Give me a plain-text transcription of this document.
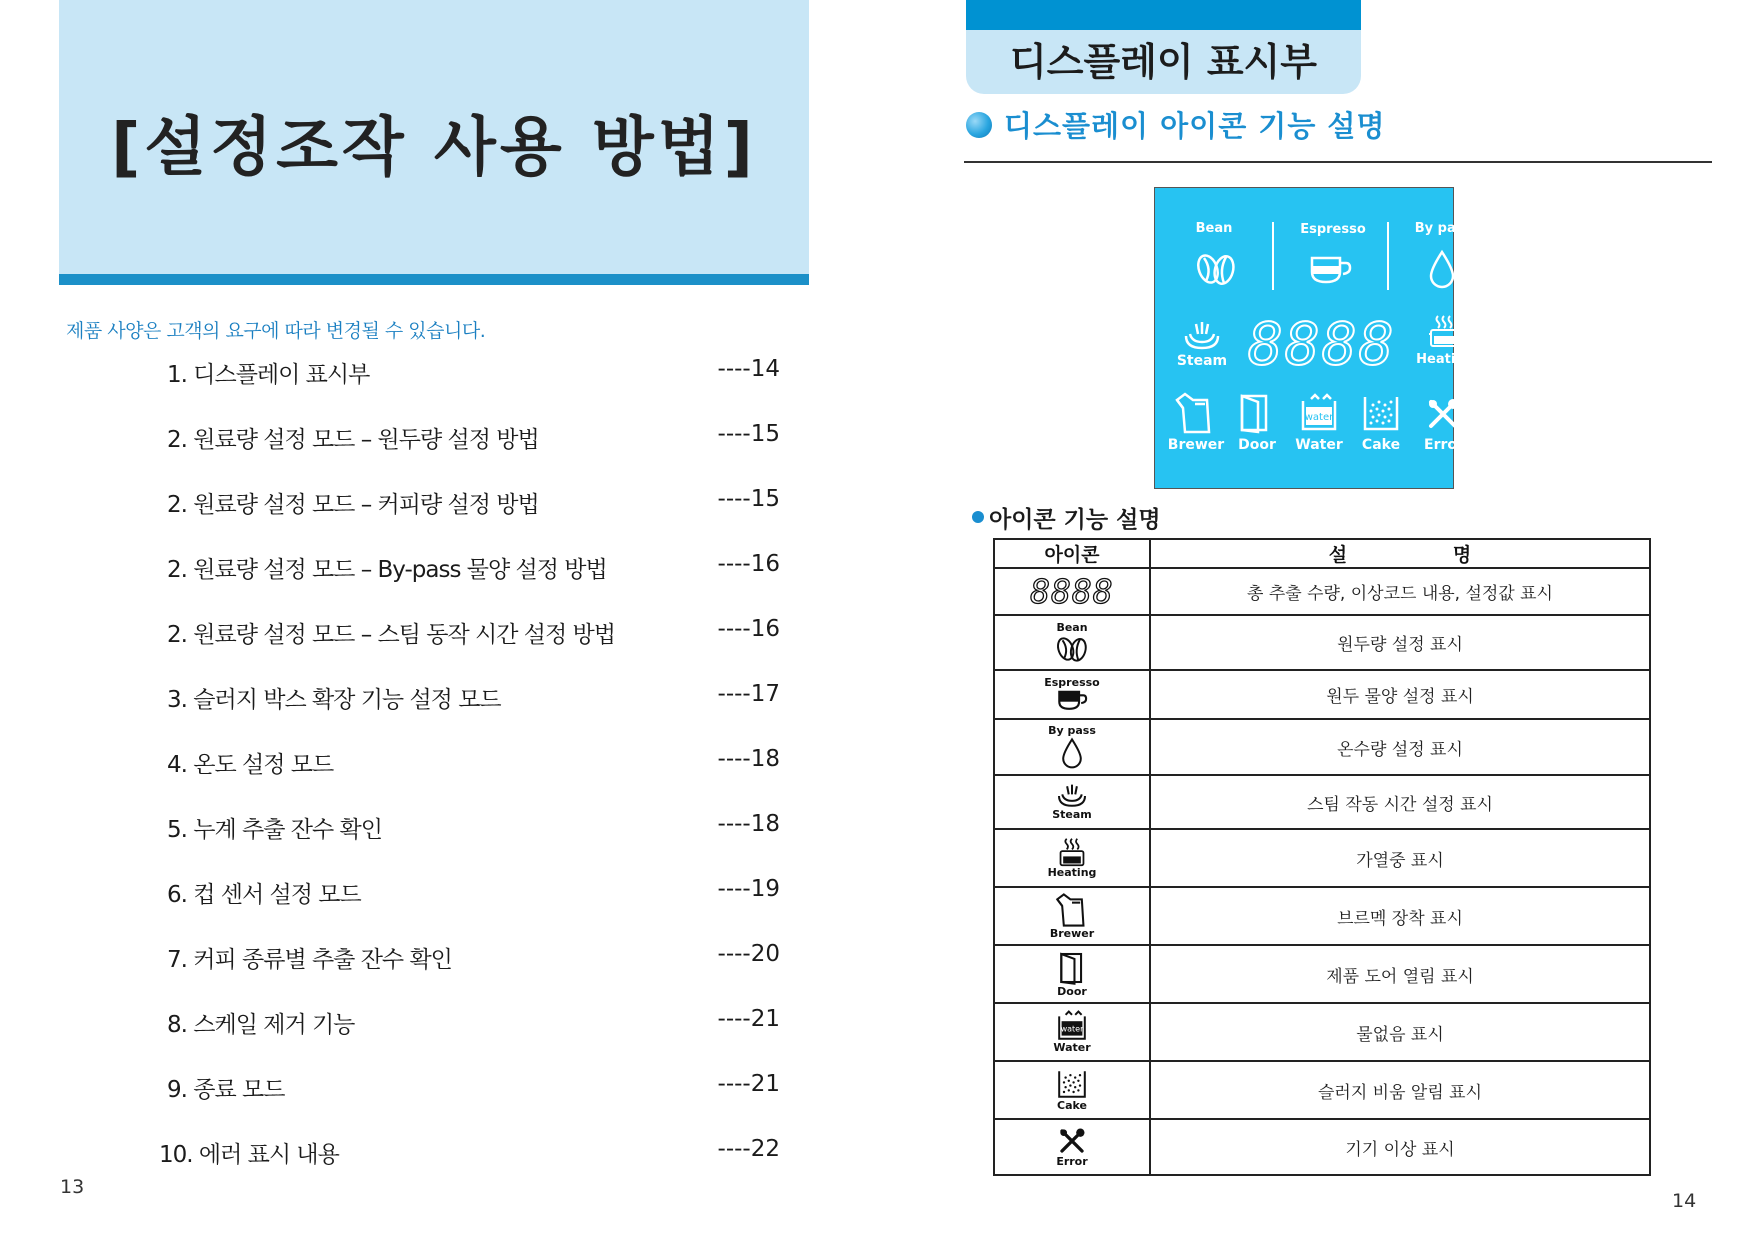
[설정조작 사용 방법]
제품 사양은 고객의 요구에 따라 변경될 수 있습니다.
1. 디스플레이 표시부	----14
2. 원료량 설정 모드 – 원두량 설정 방법	----15
2. 원료량 설정 모드 – 커피량 설정 방법	----15
2. 원료량 설정 모드 – By-pass 물양 설정 방법	----16
2. 원료량 설정 모드 – 스팀 동작 시간 설정 방법	----16
3. 슬러지 박스 확장 기능 설정 모드	----17
4. 온도 설정 모드	----18
5. 누계 추출 잔수 확인	----18
6. 컵 센서 설정 모드	----19
7. 커피 종류별 추출 잔수 확인	----20
8. 스케일 제거 기능	----21
9. 종료 모드	----21
10. 에러 표시 내용	----22
13
디스플레이 표시부
디스플레이 아이콘 기능 설명
Bean	Espresso	By pass
Steam 8888	Heating
water
Brewer Door	Water	Cake	Error
아이콘 기능 설명
아이콘	설                명
8888	총 추출 수량, 이상코드 내용, 설정값 표시

Bean	원두량 설정 표시

Espresso	원두 물양 설정 표시

By pass	온수량 설정 표시

Steam	스팀 작동 시간 설정 표시

Heating	가열중 표시

Brewer	브르멕 장착 표시

Door	제품 도어 열림 표시

water
Water	물없음 표시

Cake	슬러지 비움 알림 표시

Error	기기 이상 표시
14
